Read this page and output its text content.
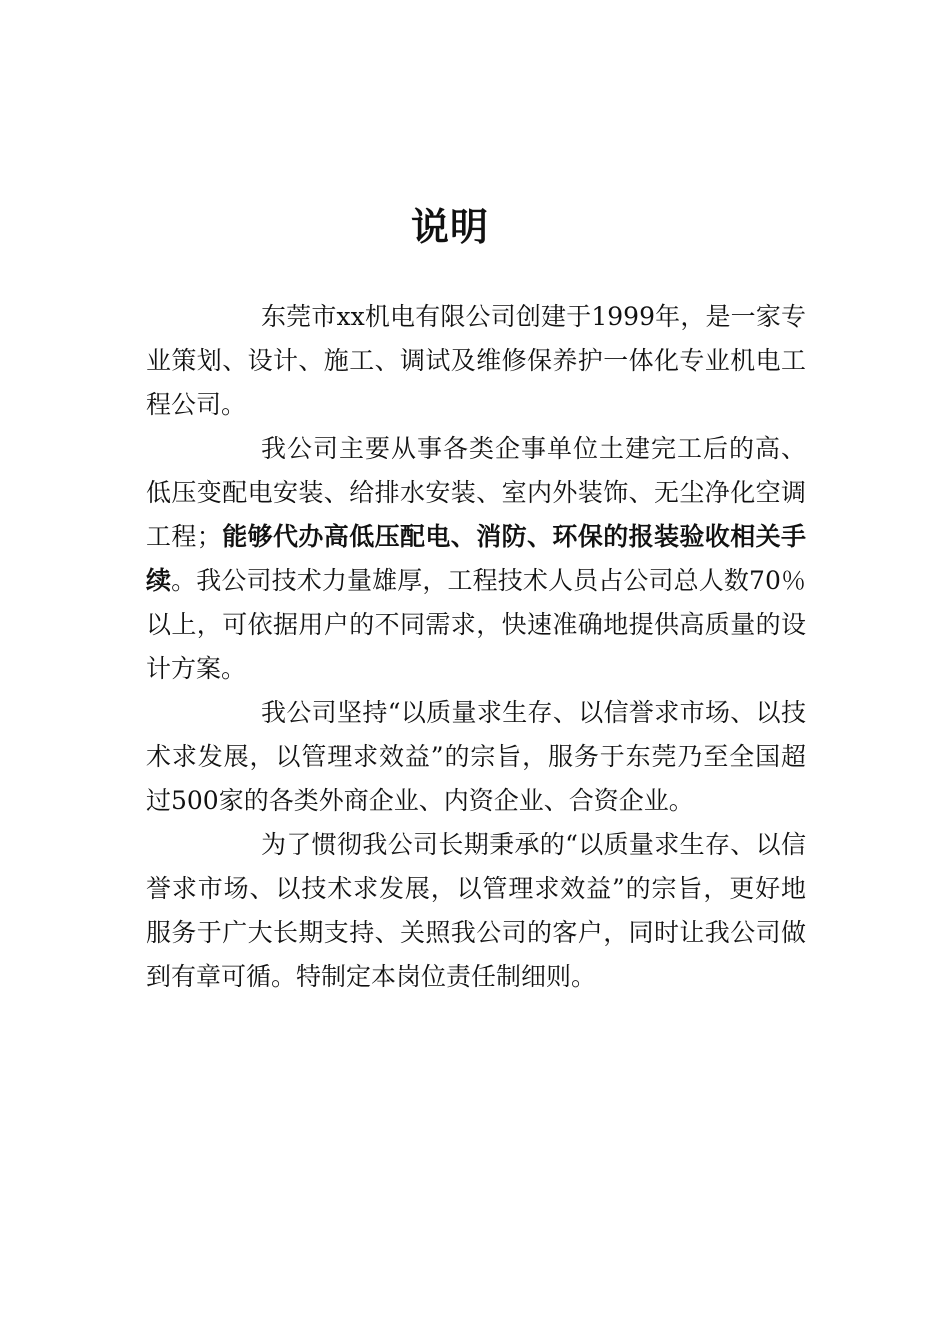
说明

东莞市xx机电有限公司创建于1999年，是一家专业策划、设计、施工、调试及维修保养护一体化专业机电工程公司。

我公司主要从事各类企事单位土建完工后的高、低压变配电安装、给排水安装、室内外装饰、无尘净化空调工程；能够代办高低压配电、消防、环保的报装验收相关手续。我公司技术力量雄厚，工程技术人员占公司总人数70％以上，可依据用户的不同需求，快速准确地提供高质量的设计方案。

我公司坚持“以质量求生存、以信誉求市场、以技术求发展，以管理求效益”的宗旨，服务于东莞乃至全国超过500家的各类外商企业、内资企业、合资企业。

为了惯彻我公司长期秉承的“以质量求生存、以信誉求市场、以技术求发展，以管理求效益”的宗旨，更好地服务于广大长期支持、关照我公司的客户，同时让我公司做到有章可循。特制定本岗位责任制细则。
